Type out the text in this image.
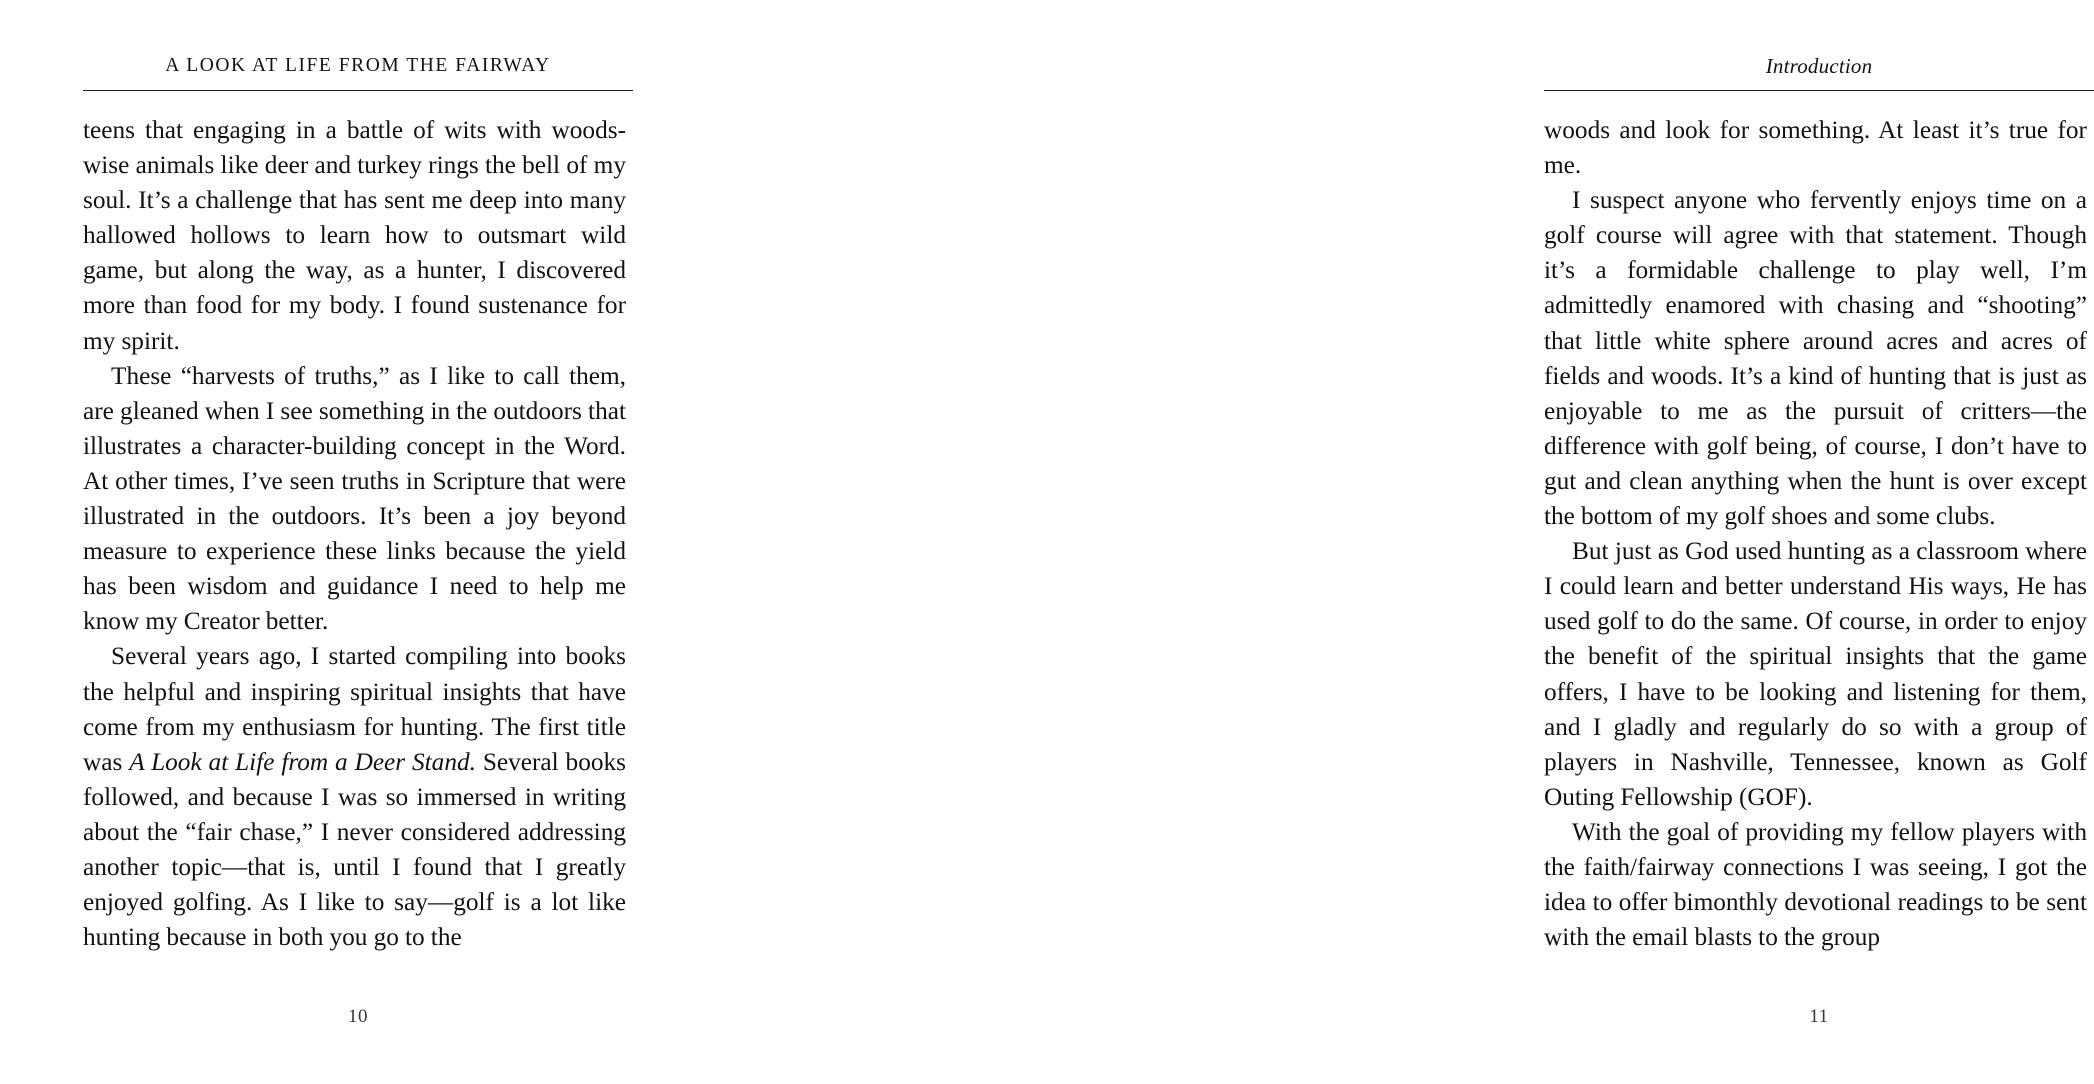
A LOOK AT LIFE FROM THE FAIRWAY

teens that engaging in a battle of wits with woods-wise animals like deer and turkey rings the bell of my soul. It’s a challenge that has sent me deep into many hallowed hollows to learn how to outsmart wild game, but along the way, as a hunter, I discovered more than food for my body. I found sustenance for my spirit.

These “harvests of truths,” as I like to call them, are gleaned when I see something in the outdoors that illustrates a character-building concept in the Word. At other times, I’ve seen truths in Scripture that were illustrated in the outdoors. It’s been a joy beyond measure to experience these links because the yield has been wisdom and guidance I need to help me know my Creator better.

Several years ago, I started compiling into books the helpful and inspiring spiritual insights that have come from my enthusiasm for hunting. The first title was A Look at Life from a Deer Stand. Several books followed, and because I was so immersed in writing about the “fair chase,” I never considered addressing another topic—that is, until I found that I greatly enjoyed golfing. As I like to say—golf is a lot like hunting because in both you go to the

10
Introduction

woods and look for something. At least it’s true for me.

I suspect anyone who fervently enjoys time on a golf course will agree with that statement. Though it’s a formidable challenge to play well, I’m admittedly enamored with chasing and “shooting” that little white sphere around acres and acres of fields and woods. It’s a kind of hunting that is just as enjoyable to me as the pursuit of critters—the difference with golf being, of course, I don’t have to gut and clean anything when the hunt is over except the bottom of my golf shoes and some clubs.

But just as God used hunting as a classroom where I could learn and better understand His ways, He has used golf to do the same. Of course, in order to enjoy the benefit of the spiritual insights that the game offers, I have to be looking and listening for them, and I gladly and regularly do so with a group of players in Nashville, Tennessee, known as Golf Outing Fellowship (GOF).

With the goal of providing my fellow players with the faith/fairway connections I was seeing, I got the idea to offer bimonthly devotional readings to be sent with the email blasts to the group

11
